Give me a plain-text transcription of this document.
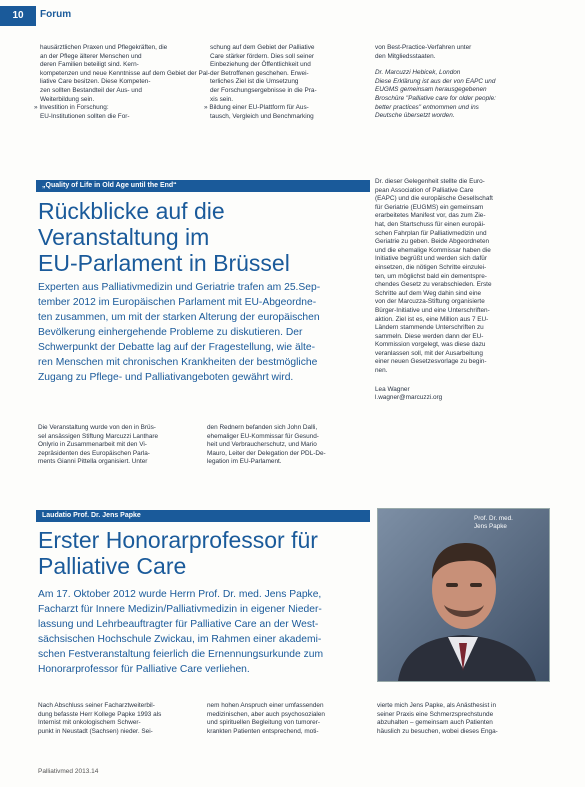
10	Forum
hausärztlichen Praxen und Pflegekräften, die
an der Pflege älterer Menschen und
deren Familien beteiligt sind. Kern-
kompetenzen und neue Kenntnisse auf dem Gebiet der Pal-
liative Care besitzen. Diese Kompeten-
zen sollten Bestandteil der Aus- und
Weiterbildung sein.
» Investition in Forschung:
EU-Institutionen sollten die For-
schung auf dem Gebiet der Palliative
Care stärker fördern. Dies soll seiner
Einbeziehung der Öffentlichkeit und
der Betroffenen geschehen. Erwei-
terliches Ziel ist die Umsetzung
der Forschungsergebnisse in die Pra-
xis sein.
» Bildung einer EU-Plattform für Aus-
tausch, Vergleich und Benchmarking
von Best-Practice-Verfahren unter
den Mitgliedsstaaten.
Dr. Marcuzzi Hebicek, London
Diese Erklärung ist aus der von EAPC und
EUGMS gemeinsam herausgegebenen
Broschüre "Palliative care for older people:
better practices" entnommen und ins
Deutsche übersetzt worden.
„Quality of Life in Old Age until the End“
Rückblicke auf die
Veranstaltung im
EU-Parlament in Brüssel
Experten aus Palliativmedizin und Geriatrie trafen am 25.Sep-
tember 2012 im Europäischen Parlament mit EU-Abgeordne-
ten zusammen, um mit der starken Alterung der europäischen
Bevölkerung einhergehende Probleme zu diskutieren. Der
Schwerpunkt der Debatte lag auf der Fragestellung, wie älte-
ren Menschen mit chronischen Krankheiten der bestmögliche
Zugang zu Pflege- und Palliativangeboten gewährt wird.
Die Veranstaltung wurde von den in Brüs-
sel ansässigen Stiftung Marcuzzi Lanthare
Onlyrio in Zusammenarbeit mit den Vi-
zepräsidenten des Europäischen Parla-
ments Gianni Pittella organisiert. Unter
den Rednern befanden sich John Dalli,
ehemaliger EU-Kommissar für Gesund-
heit und Verbraucherschutz, und Mario
Mauro, Leiter der Delegation der PDL-De-
legation im EU-Parlament.
Dr. dieser Gelegenheit stellte die Euro-
pean Association of Palliative Care
(EAPC) und die europäische Gesellschaft
für Geriatrie (EUGMS) ein gemeinsam
erarbeitetes Manifest vor, das zum Zie-
hat, den Startschuss für einen europäi-
schen Fahrplan für Palliativmedizin und
Geriatrie zu geben. Beide Abgeordneten
und die ehemalige Kommissar haben die
Initiative begrüßt und werden sich dafür
einsetzen, die nötigen Schritte einzulei-
ten, um möglichst bald ein dementspre-
chendes Gesetz zu verabschieden. Erste
Schritte auf dem Weg dahin sind eine
von der Marcuzza-Stiftung organisierte
Bürger-Initiative und eine Unterschriften-
aktion. Ziel ist es, eine Million aus 7 EU-
Ländern stammende Unterschriften zu
sammeln. Diese werden dann der EU-
Kommission vorgelegt, was diese dazu
veranlassen soll, mit der Ausarbeitung
einer neuen Gesetzesvorlage zu begin-
nen.
Lea Wagner
l.wagner@marcuzzi.org
Laudatio Prof. Dr. Jens Papke
Erster Honorarprofessor für
Palliative Care
Am 17. Oktober 2012 wurde Herrn Prof. Dr. med. Jens Papke,
Facharzt für Innere Medizin/Palliativmedizin in eigener Nieder-
lassung und Lehrbeauftragter für Palliative Care an der West-
sächsischen Hochschule Zwickau, im Rahmen einer akademi-
schen Festveranstaltung feierlich die Ernennungsurkunde zum
Honorarprofessor für Palliative Care verliehen.
Prof. Dr. med.
Jens Papke
Nach Abschluss seiner Facharztweiterbil-
dung befasste Herr Kollege Papke 1993 als
Internist mit onkologischem Schwer-
punkt in Neustadt (Sachsen) nieder. Sei-
nem hohen Anspruch einer umfassenden
medizinischen, aber auch psychosozialen
und spirituellen Begleitung von tumorer-
krankten Patienten entsprechend, moti-
vierte mich Jens Papke, als Anästhesist in
seiner Praxis eine Schmerzsprechstunde
abzuhalten – gemeinsam auch Patienten
häuslich zu besuchen, wobei dieses Enga-
Palliativmed 2013.14
